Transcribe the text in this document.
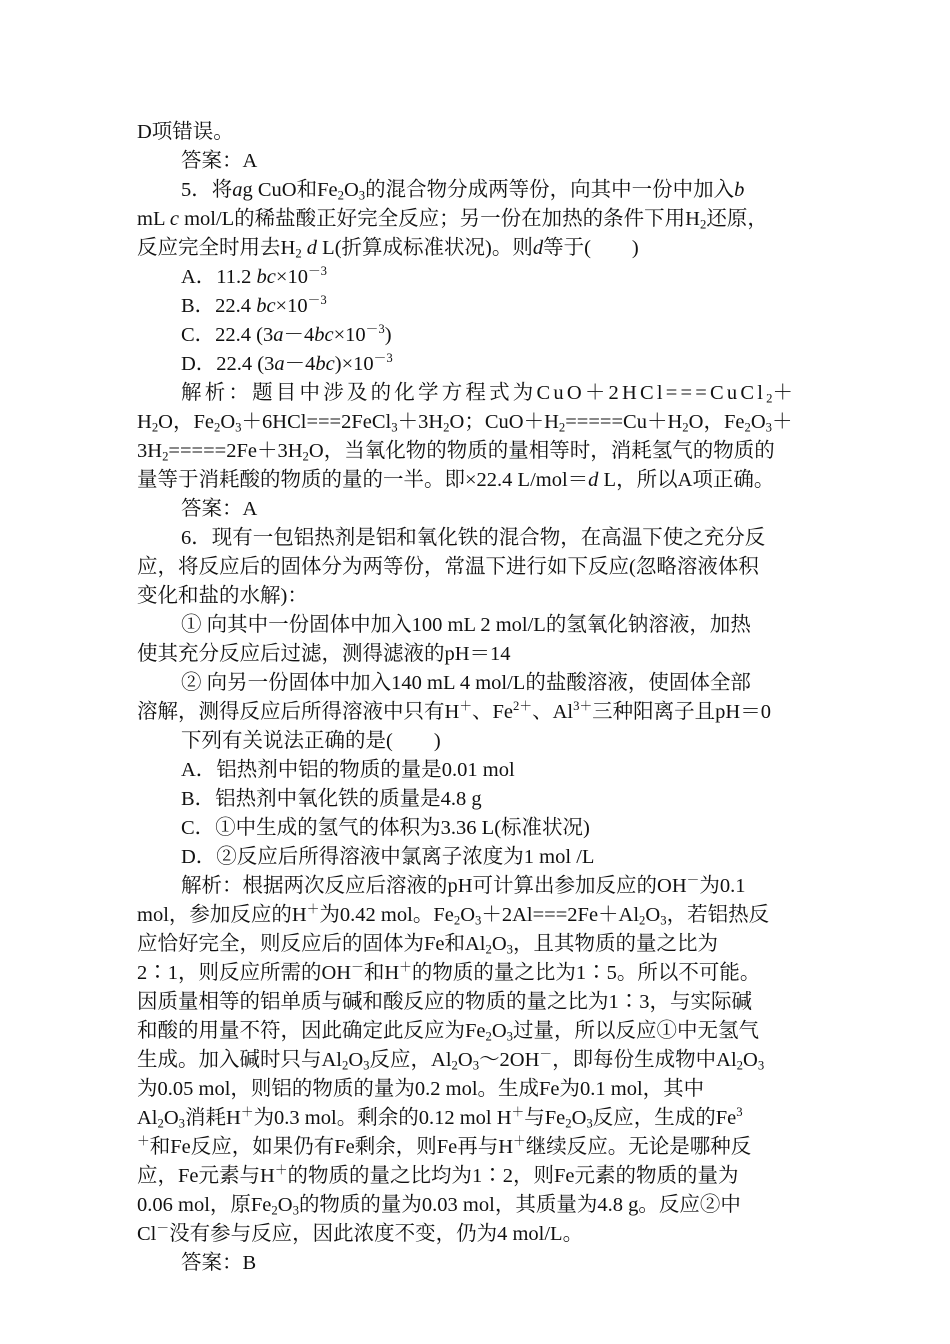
D项错误。

答案：A

5．将ag CuO和$Fe_2O_3$的混合物分成两等份，向其中一份中加入b
mL c mol/L的稀盐酸正好完全反应；另一份在加热的条件下用$H_2$还原，
反应完全时用去$H_2$ d L(折算成标准状况)。则d等于(　　)

A．11.2 $bc\times 10^{-3}$

B．22.4 $bc\times 10^{-3}$

C．22.4 $(3a-4bc\times 10^{-3})$

D．22.4 $(3a-4bc)\times 10^{-3}$

解析：题目中涉及的化学方程式为CuO＋2HCl===CuCl$_2$＋
$H_2O$，$Fe_2O_3+6HCl===2FeCl_3+3H_2O$；$CuO+H_2=====Cu+H_2O$，$Fe_2O_3+$
$3H_2=====2Fe+3H_2O$，当氧化物的物质的量相等时，消耗氢气的物质的
量等于消耗酸的物质的量的一半。即×22.4 L/mol＝d L，所以A项正确。

答案：A

6．现有一包铝热剂是铝和氧化铁的混合物，在高温下使之充分反
应，将反应后的固体分为两等份，常温下进行如下反应(忽略溶液体积
变化和盐的水解)：

① 向其中一份固体中加入100 mL 2 mol/L的氢氧化钠溶液，加热
使其充分反应后过滤，测得滤液的pH＝14

② 向另一份固体中加入140 mL 4 mol/L的盐酸溶液，使固体全部
溶解，测得反应后所得溶液中只有H＋、$Fe^{2+}$、$Al^{3+}$三种阳离子且pH＝0

下列有关说法正确的是(　　)

A．铝热剂中铝的物质的量是0.01 mol

B．铝热剂中氧化铁的质量是4.8 g

C．①中生成的氢气的体积为3.36 L(标准状况)

D．②反应后所得溶液中氯离子浓度为1 mol /L

解析：根据两次反应后溶液的pH可计算出参加反应的OH－为0.1
mol，参加反应的H＋为0.42 mol。$Fe_2O_3+2Al===2Fe+Al_2O_3$，若铝热反
应恰好完全，则反应后的固体为Fe和$Al_2O_3$，且其物质的量之比为
2∶1，则反应所需的OH－和H＋的物质的量之比为1∶5。所以不可能。
因质量相等的铝单质与碱和酸反应的物质的量之比为1∶3，与实际碱
和酸的用量不符，因此确定此反应为$Fe_2O_3$过量，所以反应①中无氢气
生成。加入碱时只与$Al_2O_3$反应，$Al_2O_3\sim 2OH^-$，即每份生成物中$Al_2O_3$
为0.05 mol，则铝的物质的量为0.2 mol。生成Fe为0.1 mol，其中
$Al_2O_3$消耗H＋为0.3 mol。剩余的0.12 mol H＋与$Fe_2O_3$反应，生成的Fe$^3$
＋和Fe反应，如果仍有Fe剩余，则Fe再与H＋继续反应。无论是哪种反
应，Fe元素与H＋的物质的量之比均为1∶2，则Fe元素的物质的量为
0.06 mol，原$Fe_2O_3$的物质的量为0.03 mol，其质量为4.8 g。反应②中
Cl－没有参与反应，因此浓度不变，仍为4 mol/L。

答案：B
